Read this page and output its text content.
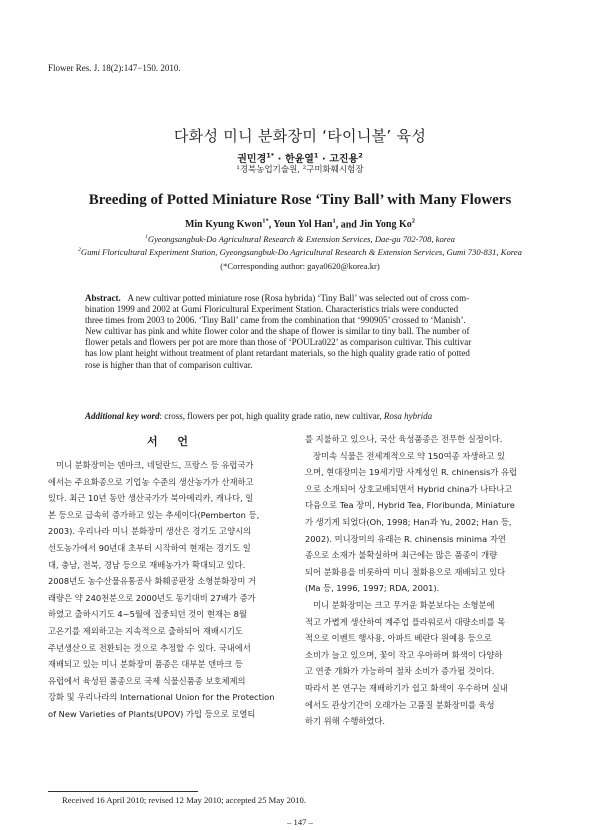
Flower Res. J. 18(2):147−150. 2010.
다화성 미니 분화장미 ‘타이니볼’ 육성
권민경$^{1*}$ · 한윤열$^1$ · 고진용$^2$
¹경북농업기술원, ²구미화훼시험장
Breeding of Potted Miniature Rose ‘Tiny Ball’ with Many Flowers
Min Kyung Kwon$^{1*}$, Youn Yol Han$^1$, and Jin Yong Ko$^2$
$^1$Gyeongsangbuk-Do Agricultural Research & Extension Services, Dae-gu 702-708, korea
$^2$Gumi Floricultural Experiment Station, Gyeongsangbuk-Do Agricultural Research & Extension Services, Gumi 730-831, Korea
(*Corresponding author: gaya0620@korea.kr)
Abstract. A new cultivar potted miniature rose (Rosa hybrida) ‘Tiny Ball’ was selected out of cross com-
bination 1999 and 2002 at Gumi Floricultural Experiment Station. Characteristics trials were conducted
three times from 2003 to 2006. ‘Tiny Ball’ came from the combination that ‘990905’ crossed to ‘Manish’.
New cultivar has pink and white flower color and the shape of flower is similar to tiny ball. The number of
flower petals and flowers per pot are more than those of ‘POULra022’ as comparison cultivar. This cultivar
has low plant height without treatment of plant retardant materials, so the high quality grade ratio of potted
rose is higher than that of comparison cultivar.
Additional key word: cross, flowers per pot, high quality grade ratio, new cultivar, Rosa hybrida
서 언
미니 분화장미는 덴마크, 네덜란드, 프랑스 등 유럽국가
에서는 주요화종으로 기업농 수준의 생산농가가 산재하고
있다. 최근 10년 동안 생산국가가 북아메리카, 캐나다, 일
본 등으로 급속히 증가하고 있는 추세이다(Pemberton 등,
2003). 우리나라 미니 분화장미 생산은 경기도 고양시의
선도농가에서 90년대 초부터 시작하여 현재는 경기도 일
대, 충남, 전북, 경남 등으로 재배농가가 확대되고 있다.
2008년도 농수산물유통공사 화훼공판장 소형분화장미 거
래량은 약 240천분으로 2000년도 동기대비 27배가 증가
하였고 출하시기도 4~5월에 집중되던 것이 현재는 8월
고온기를 제외하고는 지속적으로 출하되어 재배시기도
주년생산으로 전환되는 것으로 추정할 수 있다. 국내에서
재배되고 있는 미니 분화장미 품종은 대부분 덴마크 등
유럽에서 육성된 품종으로 국제 식물신품종 보호체제의
강화 및 우리나라의 International Union for the Protection
of New Varieties of Plants(UPOV) 가입 등으로 로열티
를 지불하고 있으나, 국산 육성품종은 전무한 실정이다.
장미속 식물은 전세계적으로 약 150여종 자생하고 있
으며, 현대장미는 19세기말 사계성인 R. chinensis가 유럽
으로 소개되어 상호교배되면서 Hybrid china가 나타나고
다음으로 Tea 장미, Hybrid Tea, Floribunda, Miniature
가 생기게 되었다(Oh, 1998; Han과 Yu, 2002; Han 등,
2002). 미니장미의 유래는 R. chinensis minima 자연
종으로 소재가 불확실하며 최근에는 많은 품종이 개량
되어 분화용을 비롯하여 미니 절화용으로 재배되고 있다
(Ma 등, 1996, 1997; RDA, 2001).
미니 분화장미는 크고 무거운 화분보다는 소형분에
적고 가볍게 생산하여 계주업 플라워로서 대량소비를 목
적으로 이벤트 행사용, 아파트 베란다 원예용 등으로
소비가 늘고 있으며, 꽃이 작고 우아하며 화색이 다양하
고 연중 개화가 가능하여 점차 소비가 증가될 것이다.
따라서 본 연구는 재배하기가 쉽고 화색이 우수하며 실내
에서도 관상기간이 오래가는 고품질 분화장미를 육성
하기 위해 수행하였다.
Received 16 April 2010; revised 12 May 2010; accepted 25 May 2010.
– 147 –
